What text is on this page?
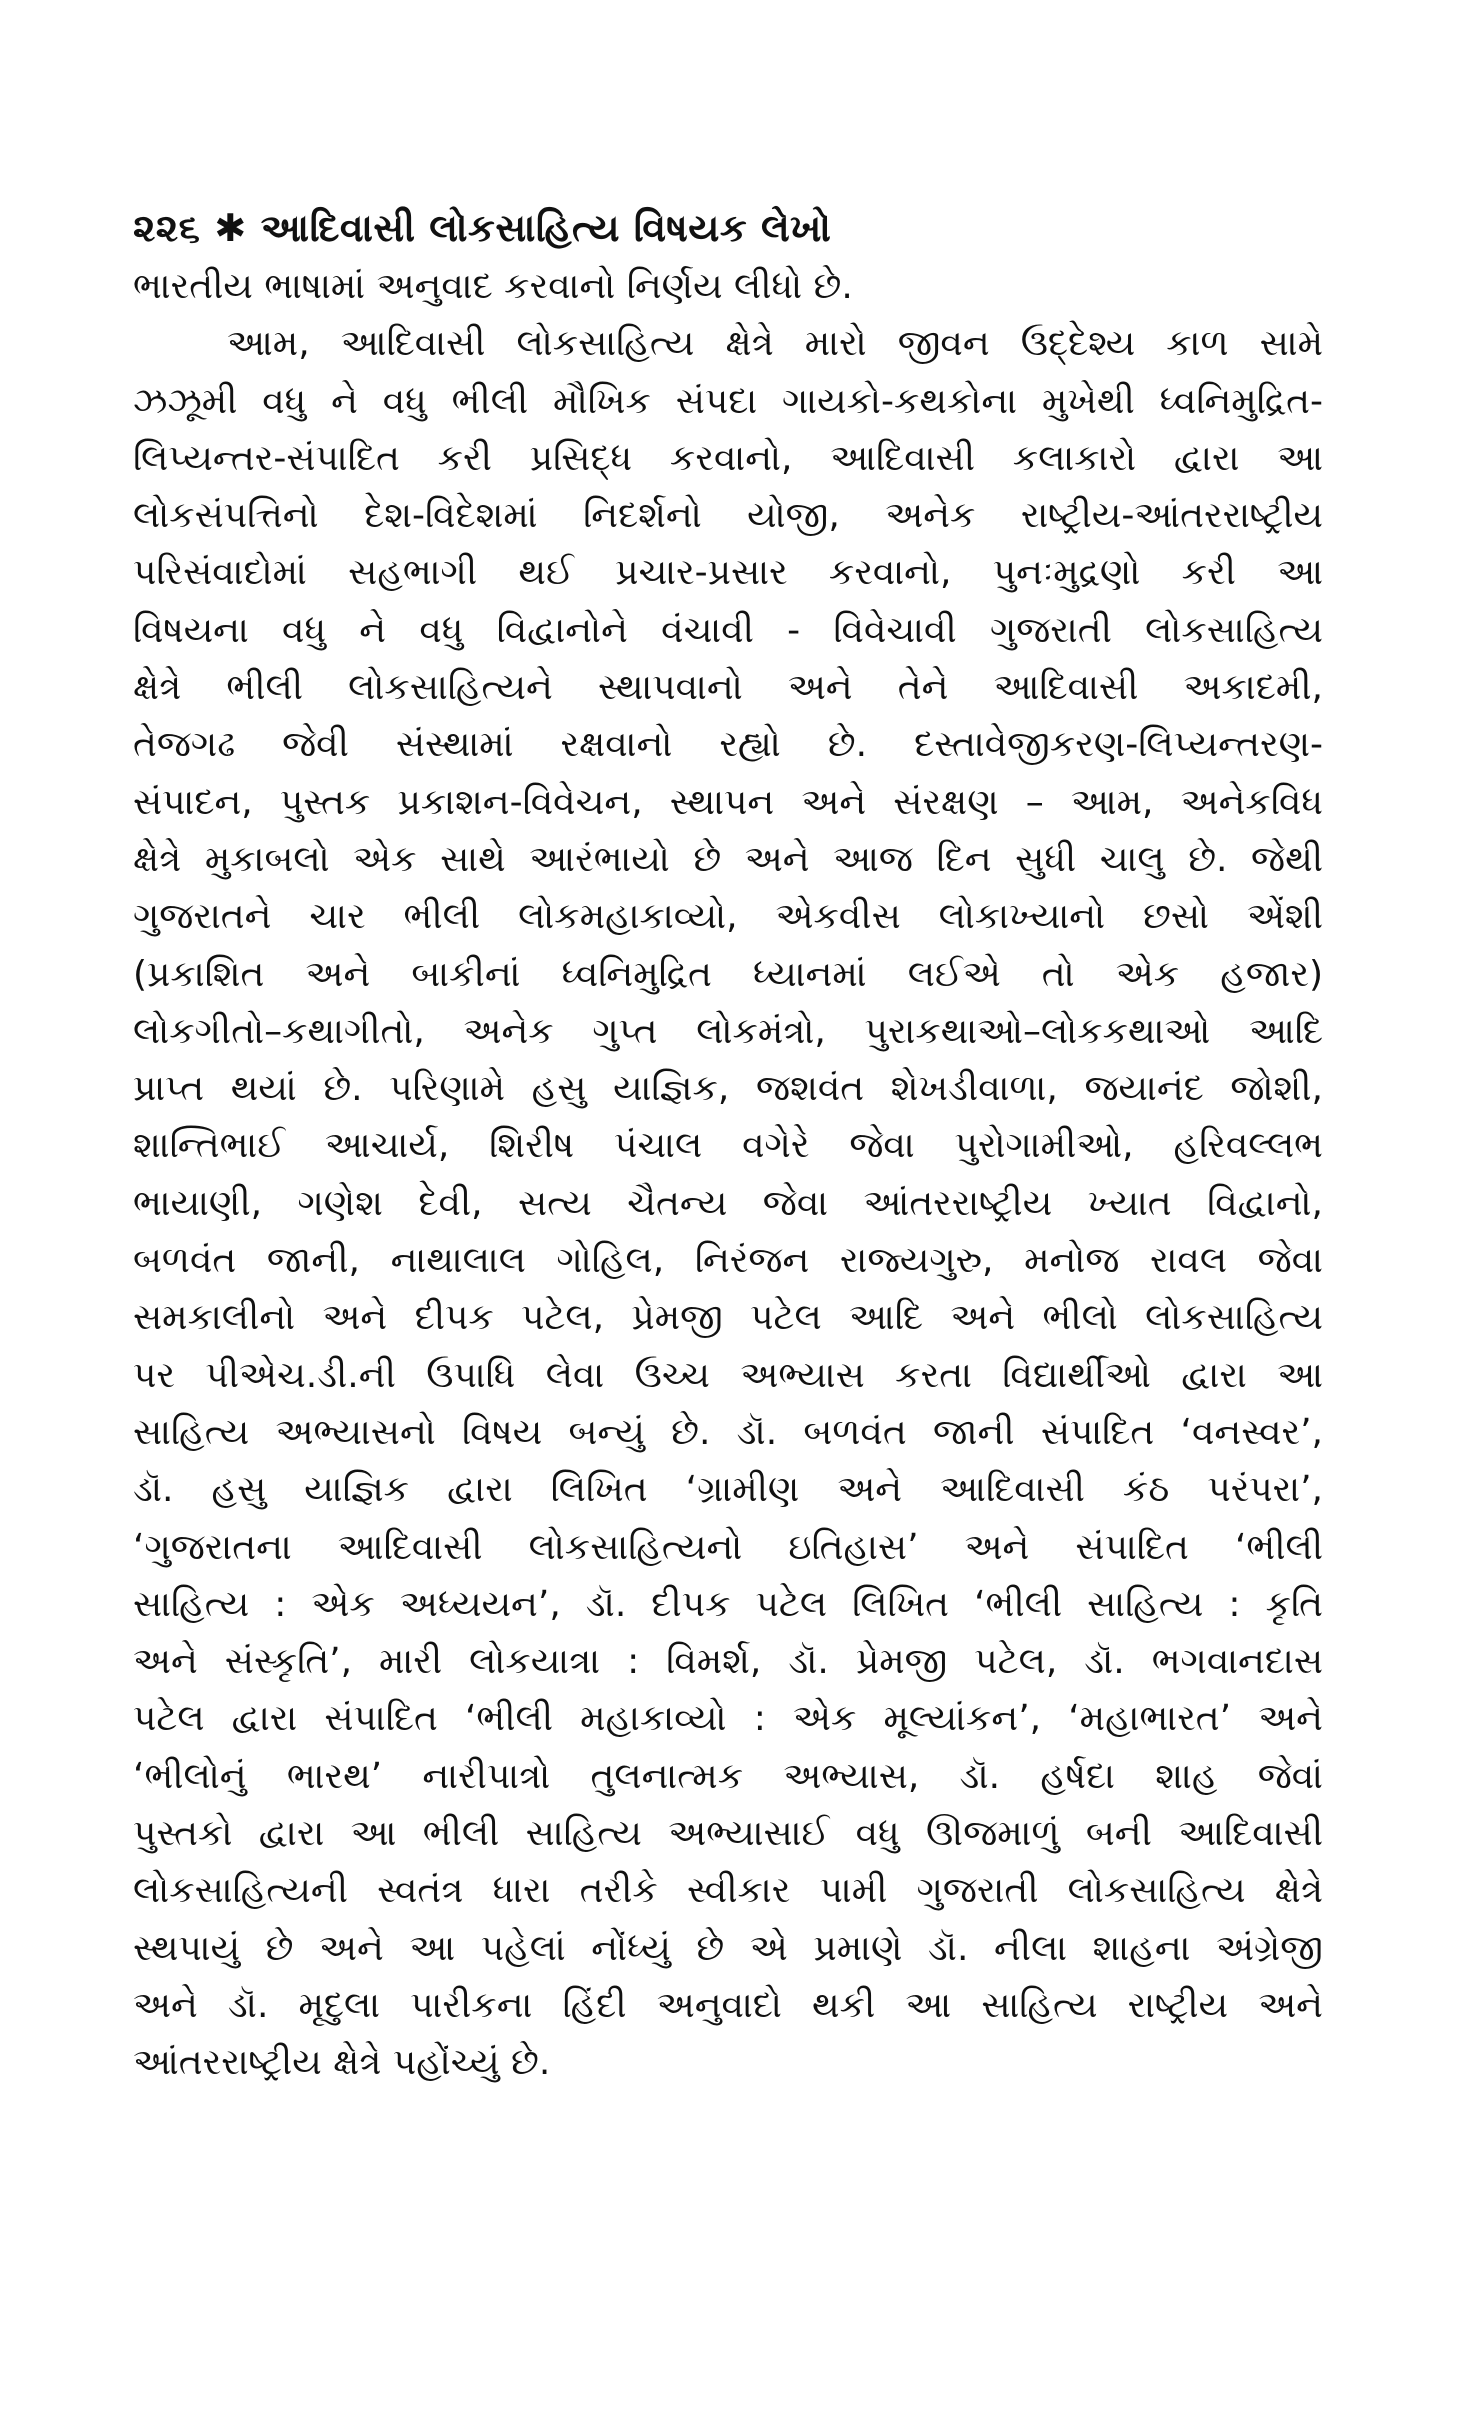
૨૨૬ ✱ આદિવાસી લોકસાહિત્ય વિષયક લેખો
ભારતીય ભાષામાં અનુવાદ કરવાનો નિર્ણય લીધો છે.
આમ, આદિવાસી લોકસાહિત્ય ક્ષેત્રે મારો જીવન ઉદ્દેશ્ય કાળ સામે
ઝઝૂમી વધુ ને વધુ ભીલી મૌખિક સંપદા ગાયકો-કથકોના મુખેથી ધ્વનિમુદ્રિત-
લિપ્યન્તર-સંપાદિત કરી પ્રસિદ્ધ કરવાનો, આદિવાસી કલાકારો દ્વારા આ
લોકસંપત્તિનો દેશ-વિદેશમાં નિદર્શનો યોજી, અનેક રાષ્ટ્રીય-આંતરરાષ્ટ્રીય
પરિસંવાદોમાં સહભાગી થઈ પ્રચાર-પ્રસાર કરવાનો, પુનઃમુદ્રણો કરી આ
વિષયના વધુ ને વધુ વિદ્વાનોને વંચાવી - વિવેચાવી ગુજરાતી લોકસાહિત્ય
ક્ષેત્રે ભીલી લોકસાહિત્યને સ્થાપવાનો અને તેને આદિવાસી અકાદમી,
તેજગઢ જેવી સંસ્થામાં રક્ષવાનો રહ્યો છે. દસ્તાવેજીકરણ-લિપ્યન્તરણ-
સંપાદન, પુસ્તક પ્રકાશન-વિવેચન, સ્થાપન અને સંરક્ષણ – આમ, અનેકવિધ
ક્ષેત્રે મુકાબલો એક સાથે આરંભાયો છે અને આજ દિન સુધી ચાલુ છે. જેથી
ગુજરાતને ચાર ભીલી લોકમહાકાવ્યો, એકવીસ લોકાખ્યાનો છસો એંશી
(પ્રકાશિત અને બાકીનાં ધ્વનિમુદ્રિત ધ્યાનમાં લઈએ તો એક હજાર)
લોકગીતો–કથાગીતો, અનેક ગુપ્ત લોકમંત્રો, પુરાકથાઓ–લોકકથાઓ આદિ
પ્રાપ્ત થયાં છે. પરિણામે હસુ યાજ્ઞિક, જશવંત શેખડીવાળા, જયાનંદ જોશી,
શાન્તિભાઈ આચાર્ય, શિરીષ પંચાલ વગેરે જેવા પુરોગામીઓ, હરિવલ્લભ
ભાયાણી, ગણેશ દેવી, સત્ય ચૈતન્ય જેવા આંતરરાષ્ટ્રીય ખ્યાત વિદ્વાનો,
બળવંત જાની, નાથાલાલ ગોહિલ, નિરંજન રાજ્યગુરુ, મનોજ રાવલ જેવા
સમકાલીનો અને દીપક પટેલ, પ્રેમજી પટેલ આદિ અને ભીલો લોકસાહિત્ય
પર પીએચ.ડી.ની ઉપાધિ લેવા ઉચ્ચ અભ્યાસ કરતા વિદ્યાર્થીઓ દ્વારા આ
સાહિત્ય અભ્યાસનો વિષય બન્યું છે. ડૉ. બળવંત જાની સંપાદિત ‘વનસ્વર’,
ડૉ. હસુ યાજ્ઞિક દ્વારા લિખિત ‘ગ્રામીણ અને આદિવાસી કંઠ પરંપરા’,
‘ગુજરાતના આદિવાસી લોકસાહિત્યનો ઇતિહાસ’ અને સંપાદિત ‘ભીલી
સાહિત્ય : એક અધ્યયન’, ડૉ. દીપક પટેલ લિખિત ‘ભીલી સાહિત્ય : કૃતિ
અને સંસ્કૃતિ’, મારી લોકયાત્રા : વિમર્શ, ડૉ. પ્રેમજી પટેલ, ડૉ. ભગવાનદાસ
પટેલ દ્વારા સંપાદિત ‘ભીલી મહાકાવ્યો : એક મૂલ્યાંકન’, ‘મહાભારત’ અને
‘ભીલોનું ભારથ’ નારીપાત્રો તુલનાત્મક અભ્યાસ, ડૉ. હર્ષદા શાહ જેવાં
પુસ્તકો દ્વારા આ ભીલી સાહિત્ય અભ્યાસાઈ વધુ ઊજમાળું બની આદિવાસી
લોકસાહિત્યની સ્વતંત્ર ધારા તરીકે સ્વીકાર પામી ગુજરાતી લોકસાહિત્ય ક્ષેત્રે
સ્થપાયું છે અને આ પહેલાં નોંધ્યું છે એ પ્રમાણે ડૉ. નીલા શાહના અંગ્રેજી
અને ડૉ. મૃદુલા પારીકના હિંદી અનુવાદો થકી આ સાહિત્ય રાષ્ટ્રીય અને
આંતરરાષ્ટ્રીય ક્ષેત્રે પહોંચ્યું છે.
